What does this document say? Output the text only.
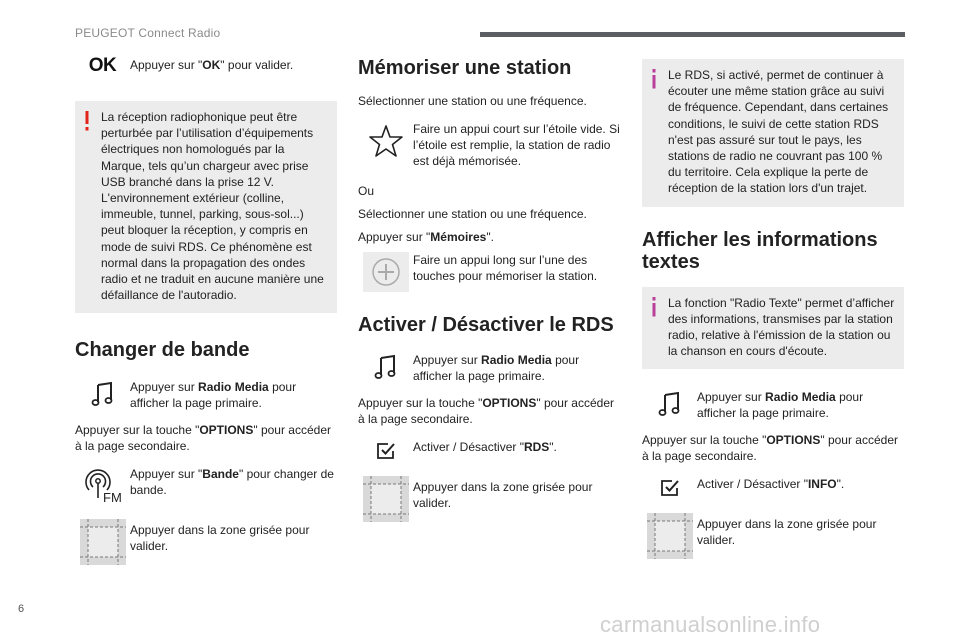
PEUGEOT Connect Radio
6
carmanualsonline.info
OK Appuyer sur "OK" pour valider.

La réception radiophonique peut être perturbée par l’utilisation d’équipements électriques non homologués par la Marque, tels qu’un chargeur avec prise USB branché dans la prise 12 V. L'environnement extérieur (colline, immeuble, tunnel, parking, sous-sol...) peut bloquer la réception, y compris en mode de suivi RDS. Ce phénomène est normal dans la propagation des ondes radio et ne traduit en aucune manière une défaillance de l'autoradio.
Changer de bande

Appuyer sur Radio Media pour afficher la page primaire.

Appuyer sur la touche "OPTIONS" pour accéder à la page secondaire.

FM

Appuyer sur "Bande" pour changer de bande.

Appuyer dans la zone grisée pour valider.

Mémoriser une station

Sélectionner une station ou une fréquence.

Faire un appui court sur l’étoile vide. Si l’étoile est remplie, la station de radio est déjà mémorisée.

Ou

Sélectionner une station ou une fréquence.

Appuyer sur "Mémoires".

Faire un appui long sur l’une des touches pour mémoriser la station.

Activer / Désactiver le RDS

Appuyer sur Radio Media pour afficher la page primaire.

Appuyer sur la touche "OPTIONS" pour accéder à la page secondaire.

Activer / Désactiver "RDS".

Appuyer dans la zone grisée pour valider.

Le RDS, si activé, permet de continuer à écouter une même station grâce au suivi de fréquence. Cependant, dans certaines conditions, le suivi de cette station RDS n'est pas assuré sur tout le pays, les stations de radio ne couvrant pas 100 % du territoire. Cela explique la perte de réception de la station lors d'un trajet.
Afficher les informations textes
La fonction "Radio Texte" permet d’afficher des informations, transmises par la station radio, relative à l'émission de la station ou la chanson en cours d'écoute.

Appuyer sur Radio Media pour afficher la page primaire.

Appuyer sur la touche "OPTIONS" pour accéder à la page secondaire.

Activer / Désactiver "INFO".

Appuyer dans la zone grisée pour valider.
